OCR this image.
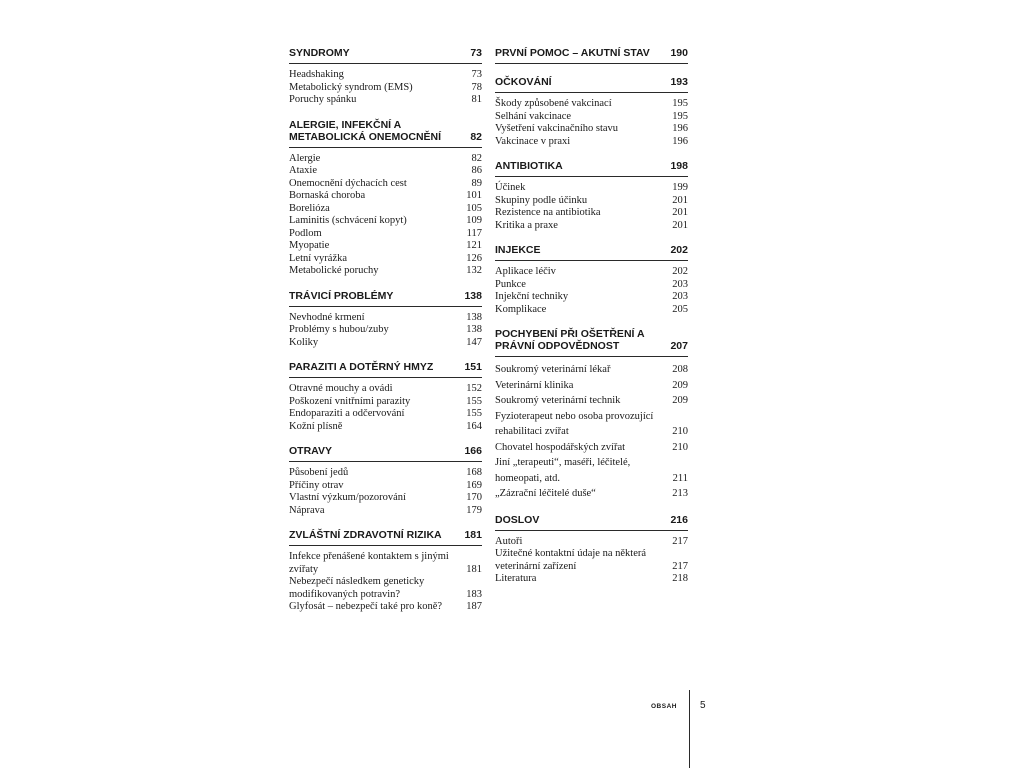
SYNDROMY	73
Headshaking	73
Metabolický syndrom (EMS)	78
Poruchy spánku	81
ALERGIE, INFEKČNÍ A METABOLICKÁ ONEMOCNĚNÍ	82
Alergie	82
Ataxie	86
Onemocnění dýchacích cest	89
Bornaská choroba	101
Borelióza	105
Laminitis (schvácení kopyt)	109
Podlom	117
Myopatie	121
Letní vyrážka	126
Metabolické poruchy	132
TRÁVICÍ PROBLÉMY	138
Nevhodné krmení	138
Problémy s hubou/zuby	138
Koliky	147
PARAZITI A DOTĚRNÝ HMYZ	151
Otravné mouchy a ovádi	152
Poškození vnitřními parazity	155
Endoparaziti a odčervování	155
Kožní plísně	164
OTRAVY	166
Působení jedů	168
Příčiny otrav	169
Vlastní výzkum/pozorování	170
Náprava	179
ZVLÁŠTNÍ ZDRAVOTNÍ RIZIKA	181
Infekce přenášené kontaktem s jinými zvířaty	181
Nebezpečí následkem geneticky modifikovaných potravin?	183
Glyfosát – nebezpečí také pro koně?	187
PRVNÍ POMOC – AKUTNÍ STAV	190
OČKOVÁNÍ	193
Škody způsobené vakcinací	195
Selhání vakcinace	195
Vyšetření vakcinačního stavu	196
Vakcinace v praxi	196
ANTIBIOTIKA	198
Účinek	199
Skupiny podle účinku	201
Rezistence na antibiotika	201
Kritika a praxe	201
INJEKCE	202
Aplikace léčiv	202
Punkce	203
Injekční techniky	203
Komplikace	205
POCHYBENÍ PŘI OŠETŘENÍ A PRÁVNÍ ODPOVĚDNOST	207
Soukromý veterinární lékař	208
Veterinární klinika	209
Soukromý veterinární technik	209
Fyzioterapeut nebo osoba provozující rehabilitaci zvířat	210
Chovatel hospodářských zvířat	210
Jiní „terapeuti“, maséři, léčitelé, homeopati, atd.	211
„Zázrační léčitelé duše“	213
DOSLOV	216
Autoři	217
Užitečné kontaktní údaje na některá veterinární zařízení	217
Literatura	218
OBSAH 5
